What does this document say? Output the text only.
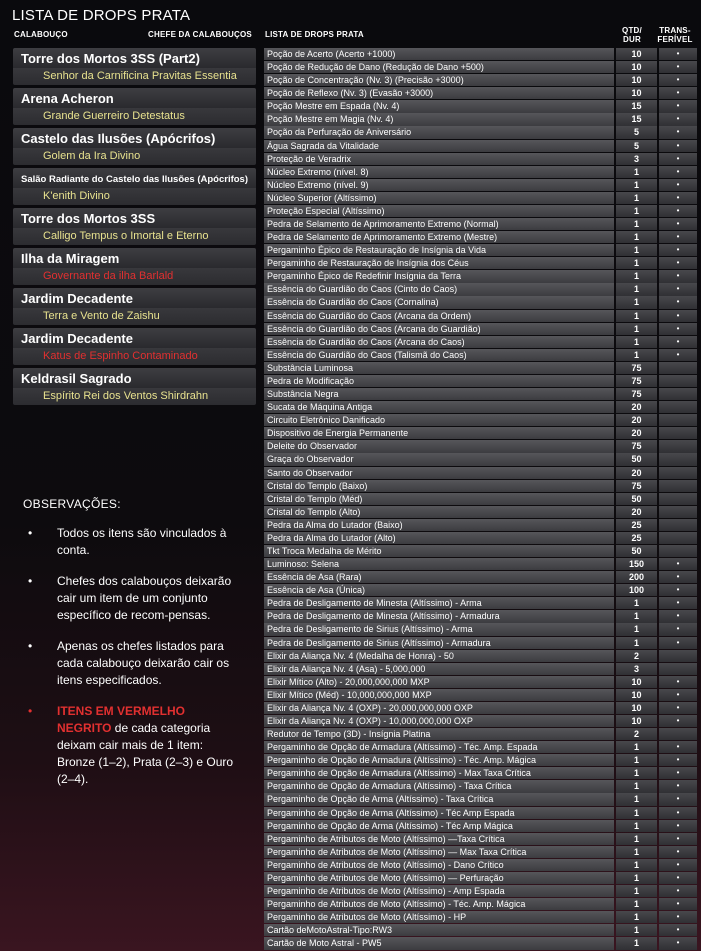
LISTA DE DROPS PRATA
CALABOUÇO	CHEFE DA CALABOUÇOS LISTA DE DROPS PRATA	QTD/
DUR
TRANS-
FERÍVEL
Torre dos Mortos 3SS (Part2)
Senhor da Carnificina Pravitas Essentia
Arena Acheron
Grande Guerreiro Detestatus
Castelo das Ilusões (Apócrifos)
Golem da Ira Divino
Salão Radiante do Castelo das Ilusões (Apócrifos)
K'enith Divino
Torre dos Mortos 3SS
Calligo Tempus o Imortal e Eterno
Ilha da Miragem
Governante da ilha Barlald
Jardim Decadente
Terra e Vento de Zaishu
Jardim Decadente
Katus de Espinho Contaminado
Keldrasil Sagrado
Espírito Rei dos Ventos Shirdrahn
OBSERVAÇÕES:
• Todos os itens são vinculados à conta.
• Chefes dos calabouços deixarão cair um item de um conjunto específico de recom-pensas.
• Apenas os chefes listados para cada calabouço deixarão cair os itens especificados.
• ITENS EM VERMELHO NEGRITO de cada categoria deixam cair mais de 1 item: Bronze (1–2), Prata (2–3) e Ouro (2–4).
Poção de Acerto (Acerto +1000)	10	•
Poção de Redução de Dano (Redução de Dano +500)	10	•
Poção de Concentração (Nv. 3) (Precisão +3000)	10	•
Poção de Reflexo (Nv. 3) (Evasão +3000)	10	•
Poção Mestre em Espada (Nv. 4)	15	•
Poção Mestre em Magia (Nv. 4)	15	•
Poção da Perfuração de Aniversário	5	•
Água Sagrada da Vitalidade	5	•
Proteção de Veradrix	3	•
Núcleo Extremo (nível. 8)	1	•
Núcleo Extremo (nível. 9)	1	•
Núcleo Superior (Altíssimo)	1	•
Proteção Especial (Altíssimo)	1	•
Pedra de Selamento de Aprimoramento Extremo (Normal)	1	•
Pedra de Selamento de Aprimoramento Extremo (Mestre)	1	•
Pergaminho Épico de Restauração de Insígnia da Vida	1	•
Pergaminho de Restauração de Insígnia dos Céus	1	•
Pergaminho Épico de Redefinir Insígnia da Terra	1	•
Essência do Guardião do Caos (Cinto do Caos)	1	•
Essência do Guardião do Caos (Cornalina)	1	•
Essência do Guardião do Caos (Arcana da Ordem)	1	•
Essência do Guardião do Caos (Arcana do Guardião)	1	•
Essência do Guardião do Caos (Arcana do Caos)	1	•
Essência do Guardião do Caos (Talismã do Caos)	1	•
Substância Luminosa	75
Pedra de Modificação	75
Substância Negra	75
Sucata de Máquina Antiga	20
Circuito Eletrônico Danificado	20
Dispositivo de Energia Permanente	20
Deleite do Observador	75
Graça do Observador	50
Santo do Observador	20
Cristal do Templo (Baixo)	75
Cristal do Templo (Méd)	50
Cristal do Templo (Alto)	20
Pedra da Alma do Lutador (Baixo)	25
Pedra da Alma do Lutador (Alto)	25
Tkt Troca Medalha de Mérito	50
Luminoso: Selena	150	•
Essência de Asa (Rara)	200	•
Essência de Asa (Única)	100	•
Pedra de Desligamento de Minesta (Altíssimo) - Arma	1	•
Pedra de Desligamento de Minesta (Altíssimo) - Armadura	1	•
Pedra de Desligamento de Sirius (Altíssimo) - Arma	1	•
Pedra de Desligamento de Sirius (Altíssimo) - Armadura	1	•
Elixir da Aliança Nv. 4 (Medalha de Honra) - 50	2
Elixir da Aliança Nv. 4 (Asa) - 5,000,000	3
Elixir Mítico (Alto) - 20,000,000,000 MXP	10	•
Elixir Mítico (Méd) - 10,000,000,000 MXP	10	•
Elixir da Aliança Nv. 4 (OXP) - 20,000,000,000 OXP	10	•
Elixir da Aliança Nv. 4 (OXP) - 10,000,000,000 OXP	10	•
Redutor de Tempo (3D) - Insígnia Platina	2
Pergaminho de Opção de Armadura (Altíssimo) - Téc. Amp. Espada	1	•
Pergaminho de Opção de Armadura (Altíssimo) - Téc. Amp. Mágica	1	•
Pergaminho de Opção de Armadura (Altíssimo) - Max Taxa Crítica	1	•
Pergaminho de Opção de Armadura (Altíssimo) - Taxa Crítica	1	•
Pergaminho de Opção de Arma (Altíssimo) - Taxa Crítica	1	•
Pergaminho de Opção de Arma (Altíssimo) - Téc Amp Espada	1	•
Pergaminho de Opção de Arma (Altíssimo) - Téc Amp Mágica	1	•
Pergaminho de Atributos de Moto (Altíssimo) —Taxa Crítica	1	•
Pergaminho de Atributos de Moto (Altíssimo) — Max Taxa Crítica	1	•
Pergaminho de Atributos de Moto (Altíssimo) - Dano Crítico	1	•
Pergaminho de Atributos de Moto (Altíssimo) — Perfuração	1	•
Pergaminho de Atributos de Moto (Altíssimo) - Amp Espada	1	•
Pergaminho de Atributos de Moto (Altíssimo) - Téc. Amp. Mágica	1	•
Pergaminho de Atributos de Moto (Altíssimo) - HP	1	•
Cartão deMotoAstral-Tipo:RW3	1	•
Cartão de Moto Astral - PW5	1	•
